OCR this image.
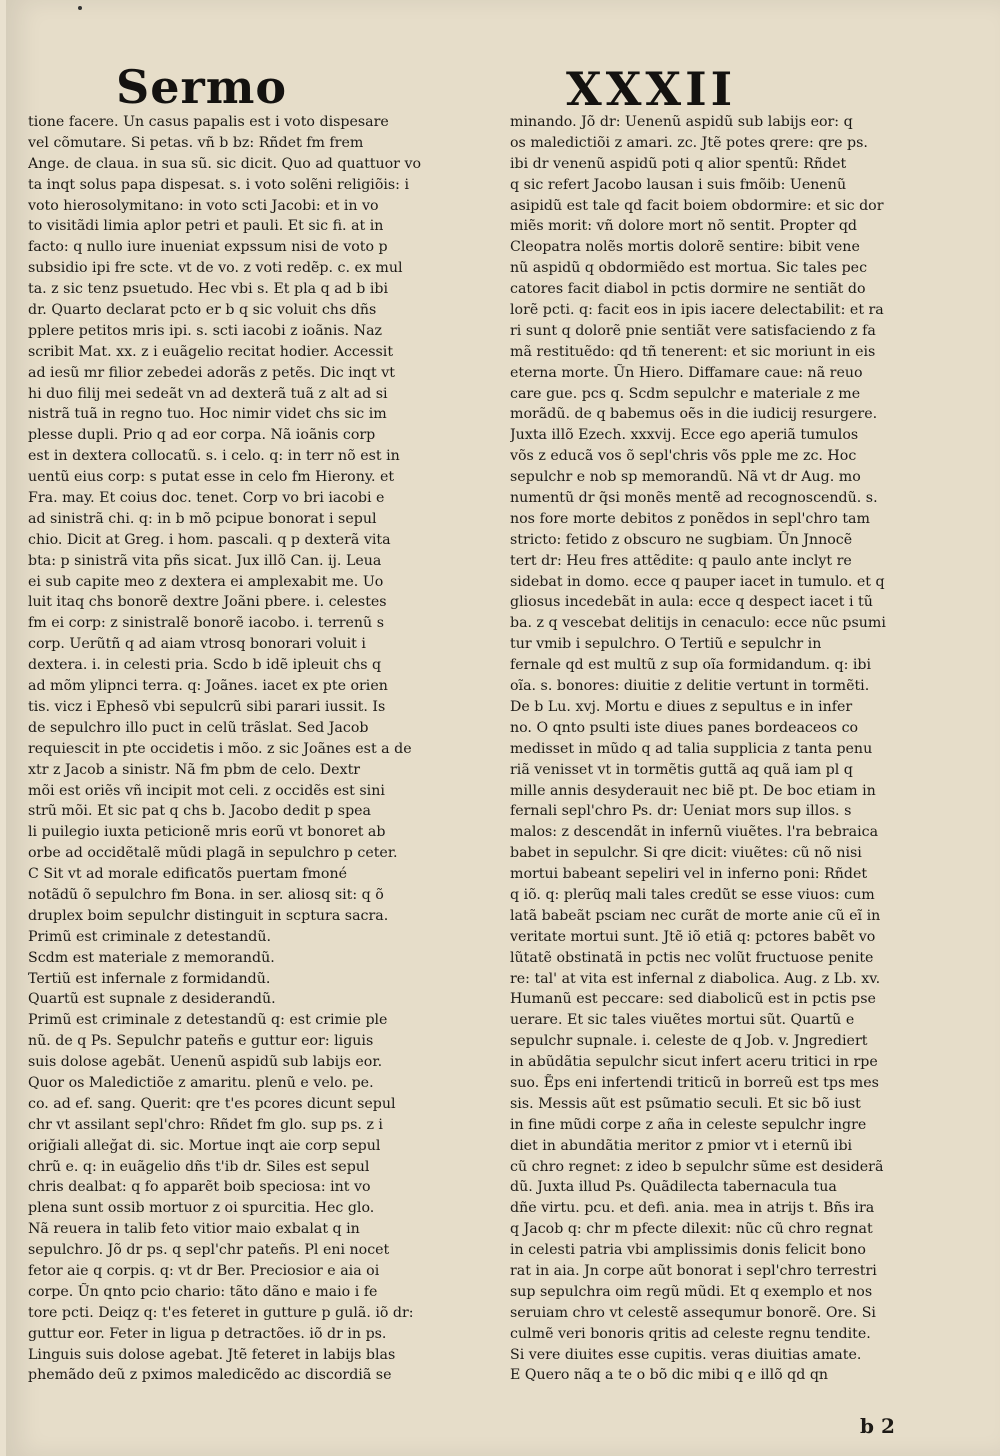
Sermo	XXXII
tione facere. Un casus papalis est i voto dispesare
vel cõmutare. Si petas. vñ b bz: Rñdet fm frem
Ange. de claua. in sua sũ. sic dicit. Quo ad quattuor vo
ta inqt solus papa dispesat. s. i voto solẽni religiõis: i
voto hierosolymitano: in voto scti Jacobi: et in vo
to visitãdi limia aplor petri et pauli. Et sic fi. at in
facto: q nullo iure inueniat expssum nisi de voto p
subsidio ipi fre scte. vt de vo. z voti redẽp. c. ex mul
ta. z sic tenz psuetudo. Hec vbi s. Et pla q ad b ibi
dr. Quarto declarat pcto er b q sic voluit chs dñs
pplere petitos mris ipi. s. scti iacobi z ioãnis. Naz
scribit Mat. xx. z i euãgelio recitat hodier. Accessit
ad iesũ mr filior zebedei adorãs z petẽs. Dic inqt vt
hi duo filij mei sedeãt vn ad dexterã tuã z alt ad si
nistrã tuã in regno tuo. Hoc nimir videt chs sic im
plesse dupli. Prio q ad eor corpa. Nã ioãnis corp
est in dextera collocatũ. s. i celo. q: in terr nõ est in
uentũ eius corp: s putat esse in celo fm Hierony. et
Fra. may. Et coius doc. tenet. Corp vo bri iacobi e
ad sinistrã chi. q: in b mõ pcipue bonorat i sepul
chio. Dicit at Greg. i hom. pascali. q p dexterã vita
bta: p sinistrã vita pñs sicat. Jux illõ Can. ij. Leua
ei sub capite meo z dextera ei amplexabit me. Uo
luit itaq chs bonorẽ dextre Joãni pbere. i. celestes
fm ei corp: z sinistralẽ bonorẽ iacobo. i. terrenũ s
corp. Uerũtñ q ad aiam vtrosq bonorari voluit i
dextera. i. in celesti pria. Scdo b idẽ ipleuit chs q
ad mõm ylipnci terra. q: Joãnes. iacet ex pte orien
tis. vicz i Ephesõ vbi sepulcrũ sibi parari iussit. Is
de sepulchro illo puct in celũ trãslat. Sed Jacob
requiescit in pte occidetis i mõo. z sic Joãnes est a de
xtr z Jacob a sinistr. Nã fm pbm de celo. Dextr
mõi est oriẽs vñ incipit mot celi. z occidẽs est sini
strũ mõi. Et sic pat q chs b. Jacobo dedit p spea
li puilegio iuxta peticionẽ mris eorũ vt bonoret ab
orbe ad occidẽtalẽ mũdi plagã in sepulchro p ceter.
C Sit vt ad morale edificatõs puertam fmoné
notãdũ õ sepulchro fm Bona. in ser. aliosq sit: q õ
druplex boim sepulchr distinguit in scptura sacra.
Primũ est criminale z detestandũ.
Scdm est materiale z memorandũ.
Tertiũ est infernale z formidandũ.
Quartũ est supnale z desiderandũ.
Primũ est criminale z detestandũ q: est crimie ple
nũ. de q Ps. Sepulchr pateñs e guttur eor: liguis
suis dolose agebãt. Uenenũ aspidũ sub labijs eor.
Quor os Maledictiõe z amaritu. plenũ e velo. pe.
co. ad ef. sang. Querit: qre t'es pcores dicunt sepul
chr vt assilant sepl'chro: Rñdet fm glo. sup ps. z i
oriğiali alleğat di. sic. Mortue inqt aie corp sepul
chrũ e. q: in euãgelio dñs t'ib dr. Siles est sepul
chris dealbat: q fo apparẽt boib speciosa: int vo
plena sunt ossib mortuor z oi spurcitia. Hec glo.
Nã reuera in talib feto vitior maio exbalat q in
sepulchro. Jõ dr ps. q sepl'chr pateñs. Pl eni nocet
fetor aie q corpis. q: vt dr Ber. Preciosior e aia oi
corpe. Ũn qnto pcio chario: tãto dãno e maio i fe
tore pcti. Deiqz q: t'es feteret in gutture p gulã. iõ dr:
guttur eor. Feter in ligua p detractões. iõ dr in ps.
Linguis suis dolose agebat. Jtẽ feteret in labijs blas
phemãdo deũ z pximos maledicẽdo ac discordiã se
minando. Jõ dr: Uenenũ aspidũ sub labijs eor: q
os maledictiõi z amari. zc. Jtẽ potes qrere: qre ps.
ibi dr venenũ aspidũ poti q alior spentũ: Rñdet
q sic refert Jacobo lausan i suis fmõib: Uenenũ
asipidũ est tale qd facit boiem obdormire: et sic dor
miẽs morit: vñ dolore mort nõ sentit. Propter qd
Cleopatra nolẽs mortis dolorẽ sentire: bibit vene
nũ aspidũ q obdormiẽdo est mortua. Sic tales pec
catores facit diabol in pctis dormire ne sentiãt do
lorẽ pcti. q: facit eos in ipis iacere delectabilit: et ra
ri sunt q dolorẽ pnie sentiãt vere satisfaciendo z fa
mã restituẽdo: qd tñ tenerent: et sic moriunt in eis
eterna morte. Ũn Hiero. Diffamare caue: nã reuo
care gue. pcs q. Scdm sepulchr e materiale z me
morãdũ. de q babemus oẽs in die iudicij resurgere.
Juxta illõ Ezech. xxxvij. Ecce ego aperiã tumulos
võs z educã vos õ sepl'chris võs pple me zc. Hoc
sepulchr e nob sp memorandũ. Nã vt dr Aug. mo
numentũ dr q̃si monẽs mentẽ ad recognoscendũ. s.
nos fore morte debitos z ponẽdos in sepl'chro tam
stricto: fetido z obscuro ne sugbiam. Ũn Jnnocẽ
tert dr: Heu fres attẽdite: q paulo ante inclyt re
sidebat in domo. ecce q pauper iacet in tumulo. et q
gliosus incedebãt in aula: ecce q despect iacet i tũ
ba. z q vescebat delitijs in cenaculo: ecce nũc psumi
tur vmib i sepulchro. O Tertiũ e sepulchr in
fernale qd est multũ z sup oĩa formidandum. q: ibi
oĩa. s. bonores: diuitie z delitie vertunt in tormẽti.
De b Lu. xvj. Mortu e diues z sepultus e in infer
no. O qnto psulti iste diues panes bordeaceos co
medisset in mũdo q ad talia supplicia z tanta penu
riã venisset vt in tormẽtis guttã aq quã iam pl q
mille annis desyderauit nec biẽ pt. De boc etiam in
fernali sepl'chro Ps. dr: Ueniat mors sup illos. s
malos: z descendãt in infernũ viuẽtes. l'ra bebraica
babet in sepulchr. Si qre dicit: viuẽtes: cũ nõ nisi
mortui babeant sepeliri vel in inferno poni: Rñdet
q iõ. q: plerũq mali tales credũt se esse viuos: cum
latã babeãt psciam nec curãt de morte anie cũ eĩ in
veritate mortui sunt. Jtẽ iõ etiã q: pctores babẽt vo
lũtatẽ obstinatã in pctis nec volũt fructuose penite
re: tal' at vita est infernal z diabolica. Aug. z Lb. xv.
Humanũ est peccare: sed diabolicũ est in pctis pse
uerare. Et sic tales viuẽtes mortui sũt. Quartũ e
sepulchr supnale. i. celeste de q Job. v. Jngrediert
in abũdãtia sepulchr sicut infert aceru tritici in rpe
suo. Ẽps eni infertendi triticũ in borreũ est tps mes
sis. Messis aũt est psũmatio seculi. Et sic bõ iust
in fine mũdi corpe z aña in celeste sepulchr ingre
diet in abundãtia meritor z pmior vt i eternũ ibi
cũ chro regnet: z ideo b sepulchr sũme est desiderã
dũ. Juxta illud Ps. Quãdilecta tabernacula tua
dñe virtu. pcu. et defi. ania. mea in atrijs t. Bñs ira
q Jacob q: chr m pfecte dilexit: nũc cũ chro regnat
in celesti patria vbi amplissimis donis felicit bono
rat in aia. Jn corpe aũt bonorat i sepl'chro terrestri
sup sepulchra oim regũ mũdi. Et q exemplo et nos
seruiam chro vt celestẽ assequmur bonorẽ. Ore. Si
culmẽ veri bonoris qritis ad celeste regnu tendite.
Si vere diuites esse cupitis. veras diuitias amate.
E Quero nãq a te o bõ dic mibi q e illõ qd qn
b 2
